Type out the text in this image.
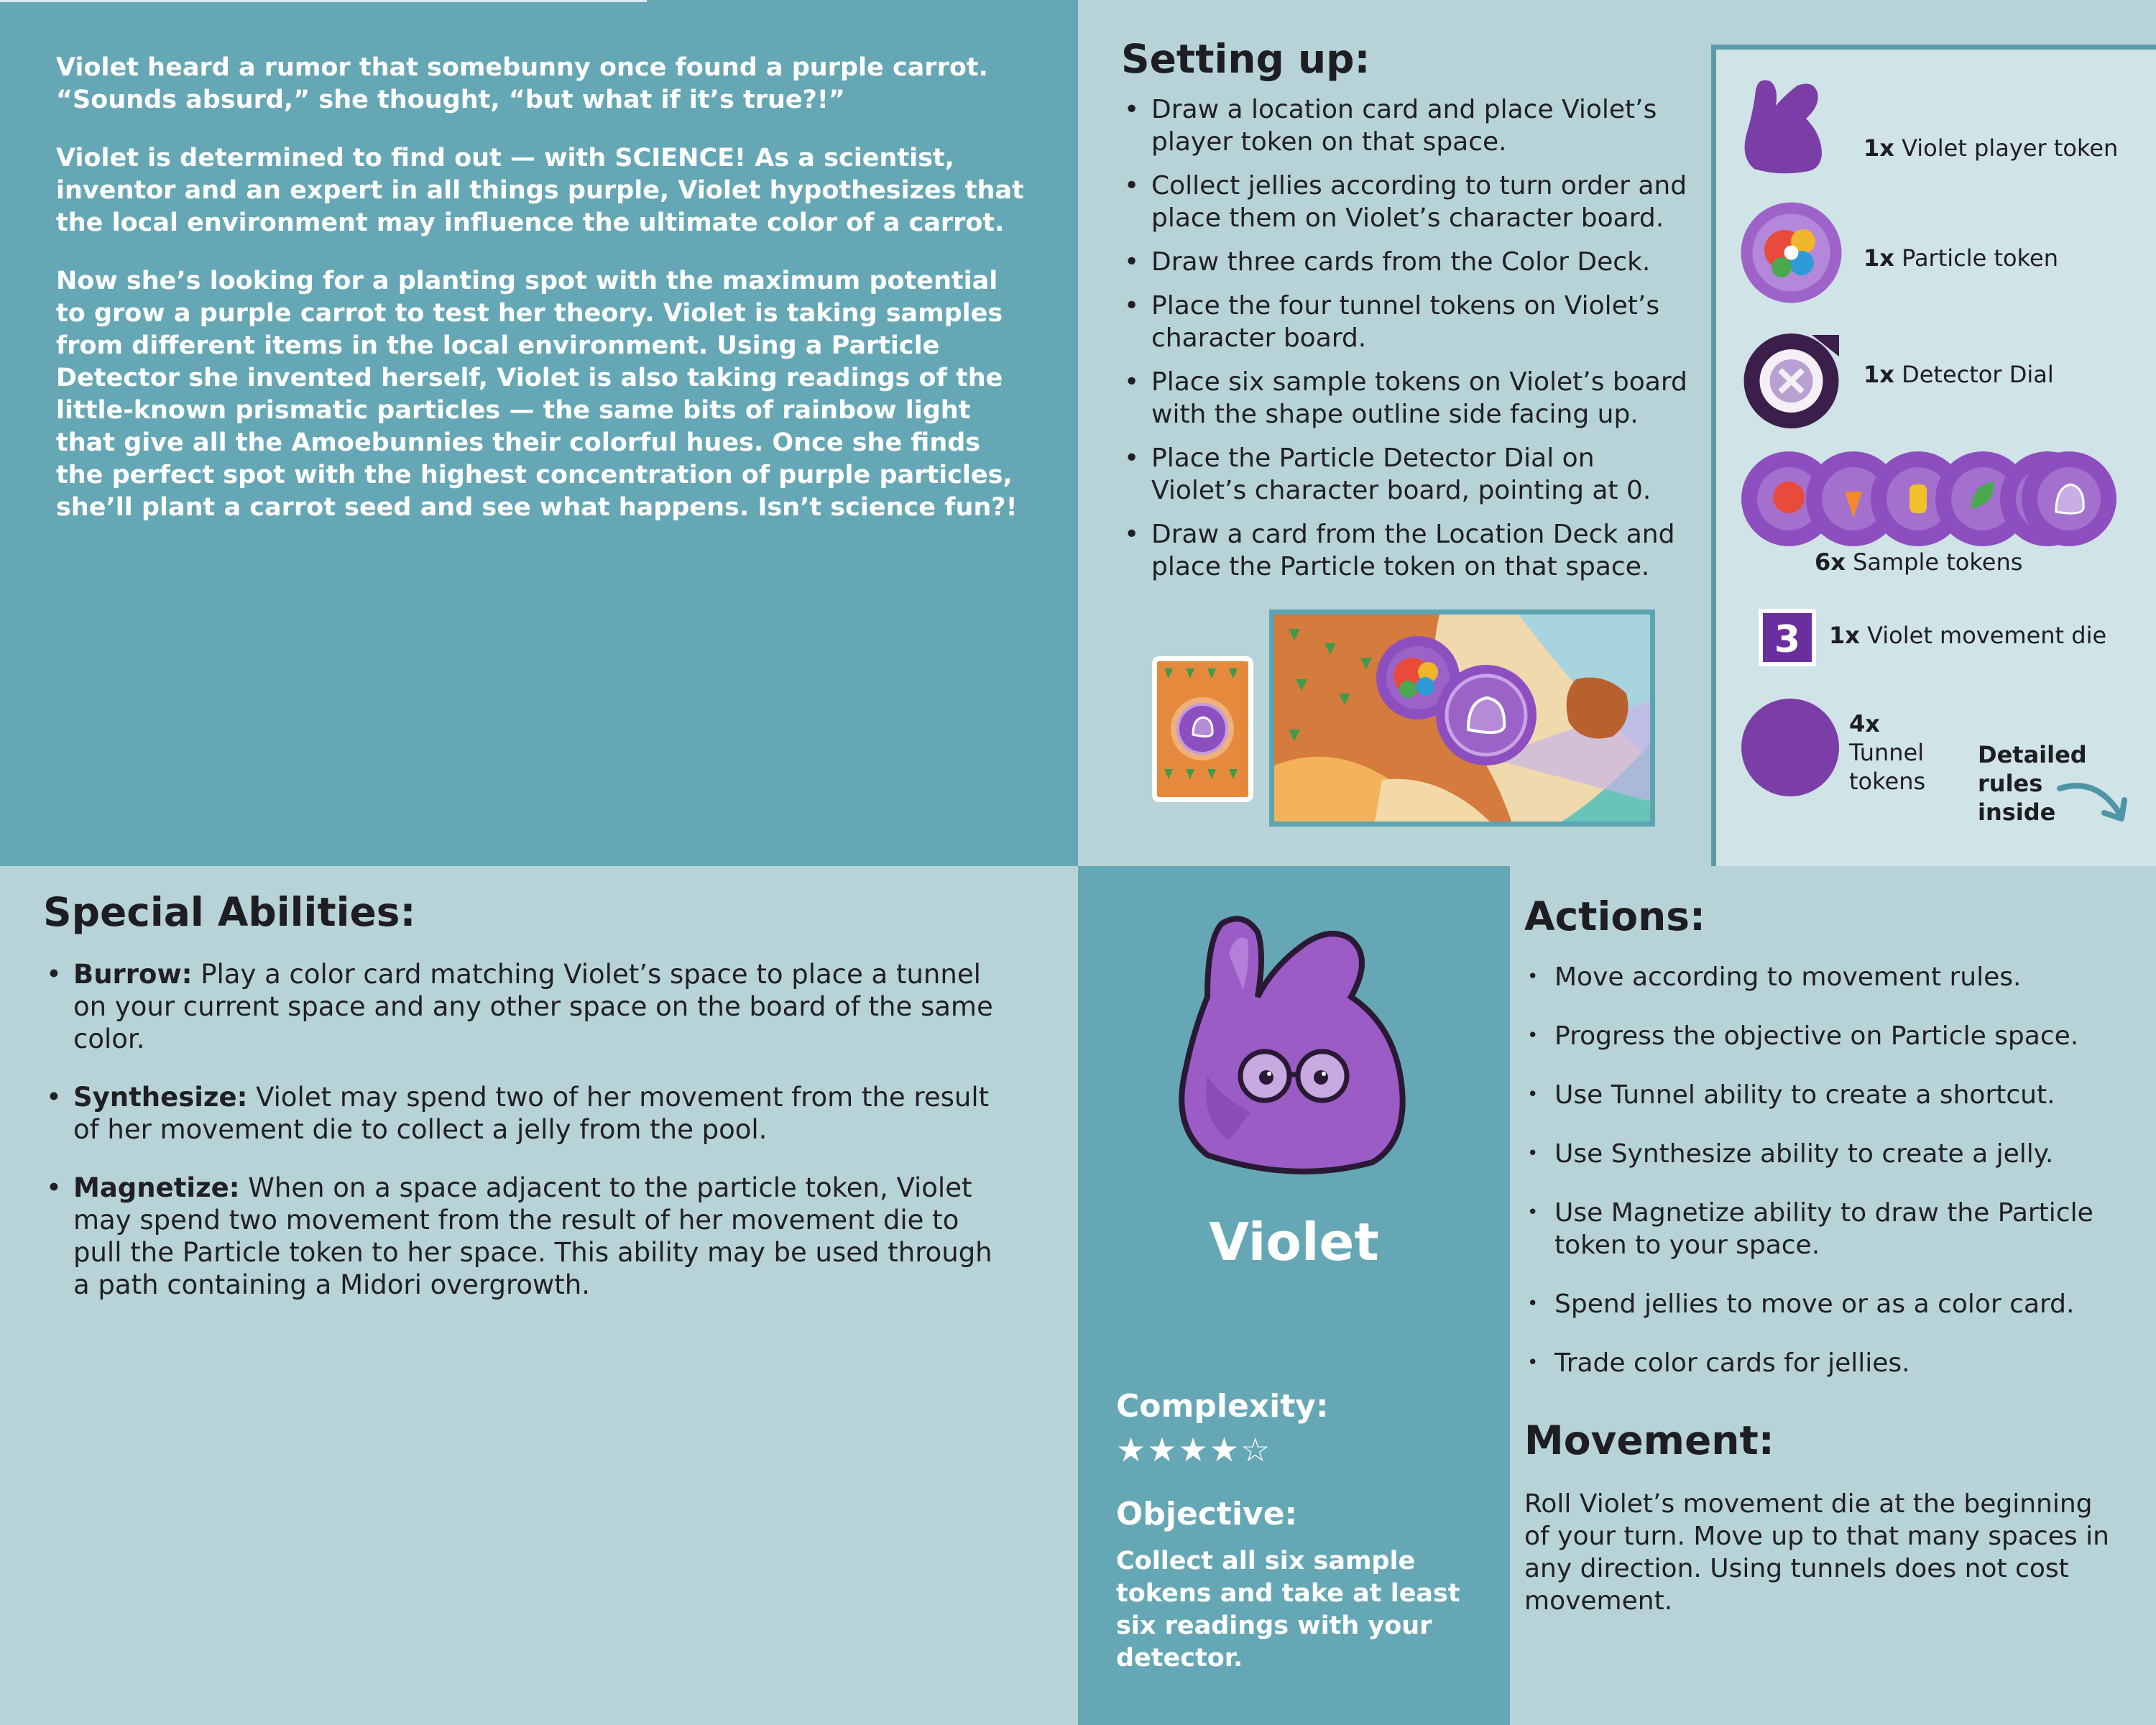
Violet heard a rumor that somebunny once found a purple carrot. “Sounds absurd,” she thought, “but what if it’s true?!”

Violet is determined to find out — with SCIENCE! As a scientist, inventor and an expert in all things purple, Violet hypothesizes that the local environment may influence the ultimate color of a carrot.

Now she’s looking for a planting spot with the maximum potential to grow a purple carrot to test her theory. Violet is taking samples from different items in the local environment. Using a Particle Detector she invented herself, Violet is also taking readings of the little-known prismatic particles — the same bits of rainbow light that give all the Amoebunnies their colorful hues. Once she finds the perfect spot with the highest concentration of purple particles, she’ll plant a carrot seed and see what happens. Isn’t science fun?!

Setting up:
• Draw a location card and place Violet’s player token on that space.
• Collect jellies according to turn order and place them on Violet’s character board.
• Draw three cards from the Color Deck.
• Place the four tunnel tokens on Violet’s character board.
• Place six sample tokens on Violet’s board with the shape outline side facing up.
• Place the Particle Detector Dial on Violet’s character board, pointing at 0.
• Draw a card from the Location Deck and place the Particle token on that space.
1x Violet player token
1x Particle token
1x Detector Dial
6x Sample tokens
3 1x Violet movement die
4x
Tunnel
tokens
Detailed
rules
inside
Special Abilities:
• Burrow: Play a color card matching Violet’s space to place a tunnel on your current space and any other space on the board of the same color.
• Synthesize: Violet may spend two of her movement from the result of her movement die to collect a jelly from the pool.
• Magnetize: When on a space adjacent to the particle token, Violet may spend two movement from the result of her movement die to pull the Particle token to her space. This ability may be used through a path containing a Midori overgrowth.
Violet
Complexity:
★★★★☆
Objective:
Collect all six sample tokens and take at least six readings with your detector.
Actions:
• Move according to movement rules.
• Progress the objective on Particle space.
• Use Tunnel ability to create a shortcut.
• Use Synthesize ability to create a jelly.
• Use Magnetize ability to draw the Particle token to your space.
• Spend jellies to move or as a color card.
• Trade color cards for jellies.
Movement:
Roll Violet’s movement die at the beginning of your turn. Move up to that many spaces in any direction. Using tunnels does not cost movement.
